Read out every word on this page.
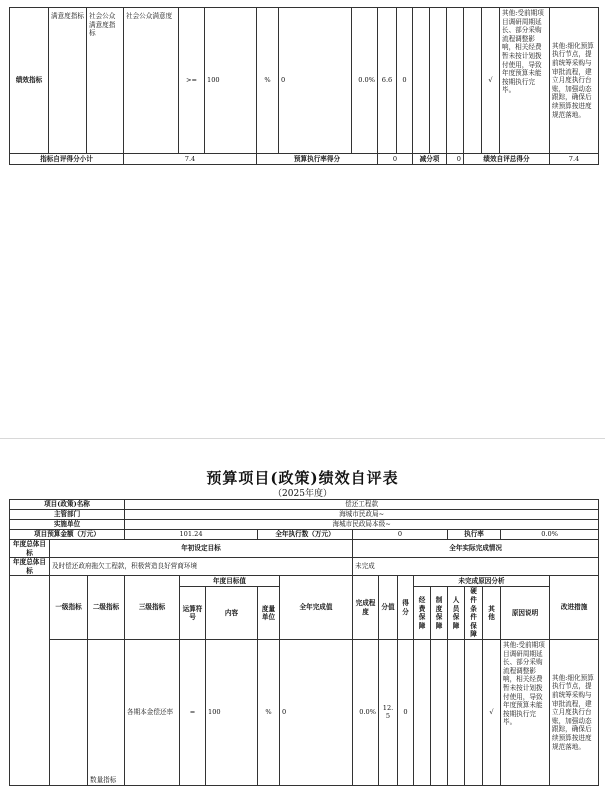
绩效指标	满意度指标	社会公众满意度指标	社会公众满意度	>=	100	%	0	0.0%	6.6	0					√	其他:受前期项目调研周期延长、部分采购流程调整影响，相关经费暂未按计划拨付使用，导致年度预算未能按期执行完毕。	其他:细化预算执行节点，提前统筹采购与审批流程，建立月度执行台账，加强动态跟踪，确保后续预算按进度规范落地。
指标自评得分小计			7.4			预算执行率得分			0		减分项		0	绩效自评总得分			7.4
预算项目(政策)绩效自评表
（2025年度）
项目(政策)名称			偿还工程款														
主管部门			海城市民政局~														
实施单位			海城市民政局本级~														
项目预算金额（万元）			101.24			全年执行数（万元）		0					执行率			0.0%	
年度总体目标	年初设定目标							全年实际完成情况									
年度总体目标	及时偿还政府拖欠工程款，积极营造良好营商环境							未完成									
	一级指标	二级指标	三级指标	年度目标值			全年完成值	完成程度	分值	得分	未完成原因分析						改进措施
				运算符号	内容	度量单位					经费保障	制度保障	人员保障	硬件条件保障	其他	原因说明	
		数量指标	各期本金偿还率	=	100	%	0	0.0%	12.5	0					√	其他:受前期项目调研周期延长、部分采购流程调整影响，相关经费暂未按计划拨付使用，导致年度预算未能按期执行完毕。	其他:细化预算执行节点，提前统筹采购与审批流程，建立月度执行台账，加强动态跟踪，确保后续预算按进度规范落地。
